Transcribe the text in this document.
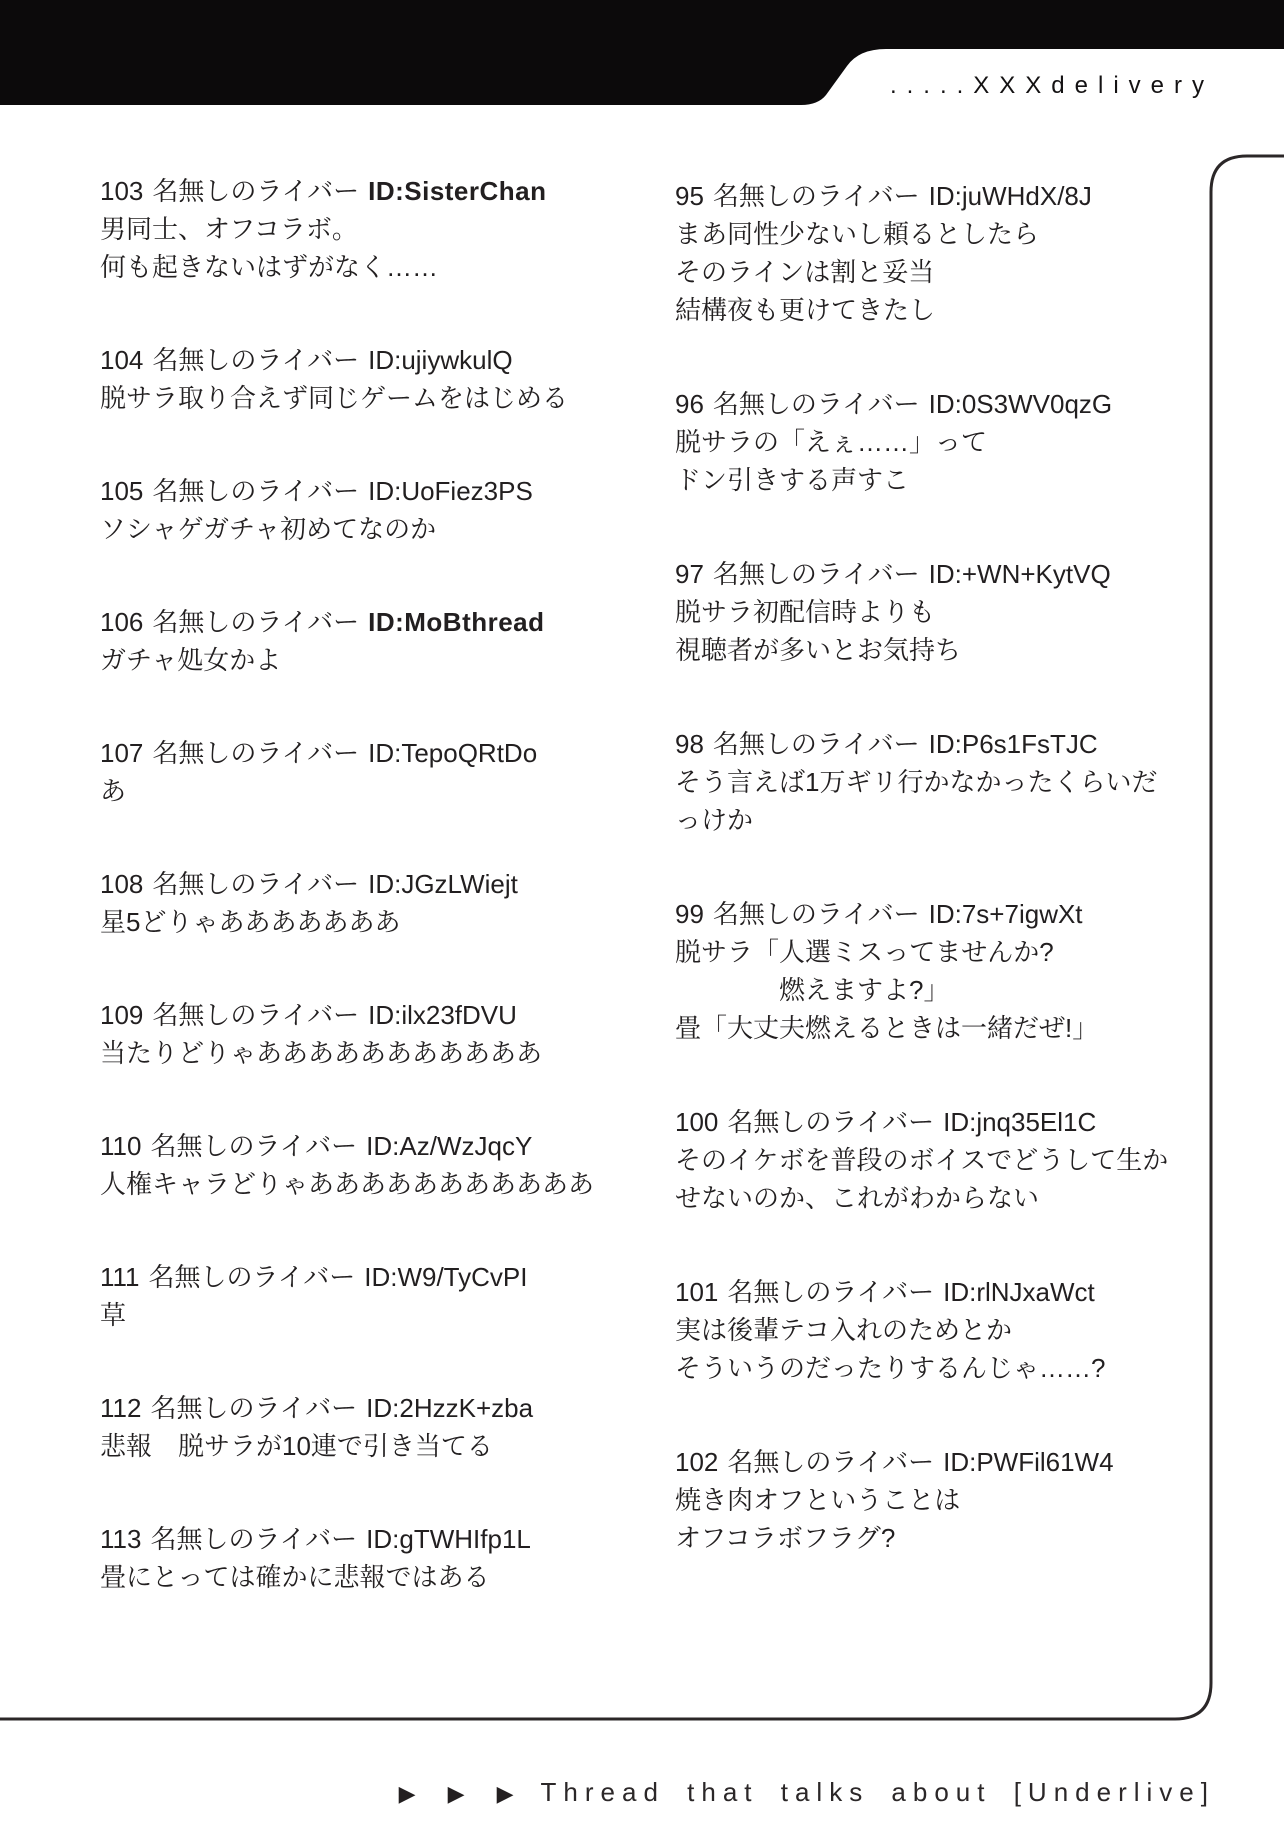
.....XXXdelivery
103 名無しのライバー ID:SisterChan
男同士、オフコラボ。
何も起きないはずがなく……
104 名無しのライバー ID:ujiywkulQ
脱サラ取り合えず同じゲームをはじめる
105 名無しのライバー ID:UoFiez3PS
ソシャゲガチャ初めてなのか
106 名無しのライバー ID:MoBthread
ガチャ処女かよ
107 名無しのライバー ID:TepoQRtDo
あ
108 名無しのライバー ID:JGzLWiejt
星5どりゃあああああああ
109 名無しのライバー ID:ilx23fDVU
当たりどりゃあああああああああああ
110 名無しのライバー ID:Az/WzJqcY
人権キャラどりゃあああああああああああ
111 名無しのライバー ID:W9/TyCvPI
草
112 名無しのライバー ID:2HzzK+zba
悲報　脱サラが10連で引き当てる
113 名無しのライバー ID:gTWHIfp1L
畳にとっては確かに悲報ではある
95 名無しのライバー ID:juWHdX/8J
まあ同性少ないし頼るとしたら
そのラインは割と妥当
結構夜も更けてきたし
96 名無しのライバー ID:0S3WV0qzG
脱サラの「えぇ……」って
ドン引きする声すこ
97 名無しのライバー ID:+WN+KytVQ
脱サラ初配信時よりも
視聴者が多いとお気持ち
98 名無しのライバー ID:P6s1FsTJC
そう言えば1万ギリ行かなかったくらいだ
っけか
99 名無しのライバー ID:7s+7igwXt
脱サラ「人選ミスってませんか?
　　　　燃えますよ?」
畳「大丈夫燃えるときは一緒だぜ!」
100 名無しのライバー ID:jnq35El1C
そのイケボを普段のボイスでどうして生か
せないのか、これがわからない
101 名無しのライバー ID:rlNJxaWct
実は後輩テコ入れのためとか
そういうのだったりするんじゃ……?
102 名無しのライバー ID:PWFil61W4
焼き肉オフということは
オフコラボフラグ?

▶ ▶ ▶ Thread that talks about [Underlive]
